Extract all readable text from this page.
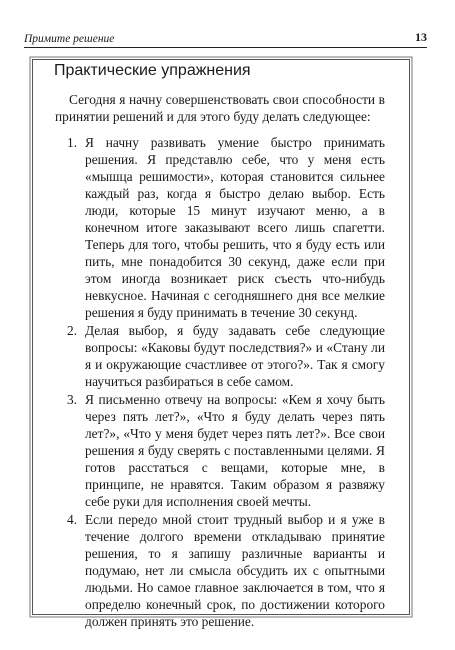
Примите решение	13
Практические упражнения

Сегодня я начну совершенствовать свои способности в принятии решений и для этого буду делать следующее:

1. Я начну развивать умение быстро принимать решения. Я представлю себе, что у меня есть «мышца решимости», которая становится сильнее каждый раз, когда я быстро делаю выбор. Есть люди, которые 15 минут изучают меню, а в конечном итоге заказывают всего лишь спагетти. Теперь для того, чтобы решить, что я буду есть или пить, мне понадобится 30 секунд, даже если при этом иногда возникает риск съесть что-нибудь невкусное. Начиная с сегодняшнего дня все мелкие решения я буду принимать в течение 30 секунд.
2. Делая выбор, я буду задавать себе следующие вопросы: «Каковы будут последствия?» и «Стану ли я и окружающие счастливее от этого?». Так я смогу научиться разбираться в себе самом.
3. Я письменно отвечу на вопросы: «Кем я хочу быть через пять лет?», «Что я буду делать через пять лет?», «Что у меня будет через пять лет?». Все свои решения я буду сверять с поставленными целями. Я готов расстаться с вещами, которые мне, в принципе, не нравятся. Таким образом я развяжу себе руки для исполнения своей мечты.
4. Если передо мной стоит трудный выбор и я уже в течение долгого времени откладываю принятие решения, то я запишу различные варианты и подумаю, нет ли смысла обсудить их с опытными людьми. Но самое главное заключается в том, что я определю конечный срок, по достижении которого должен принять это решение.
